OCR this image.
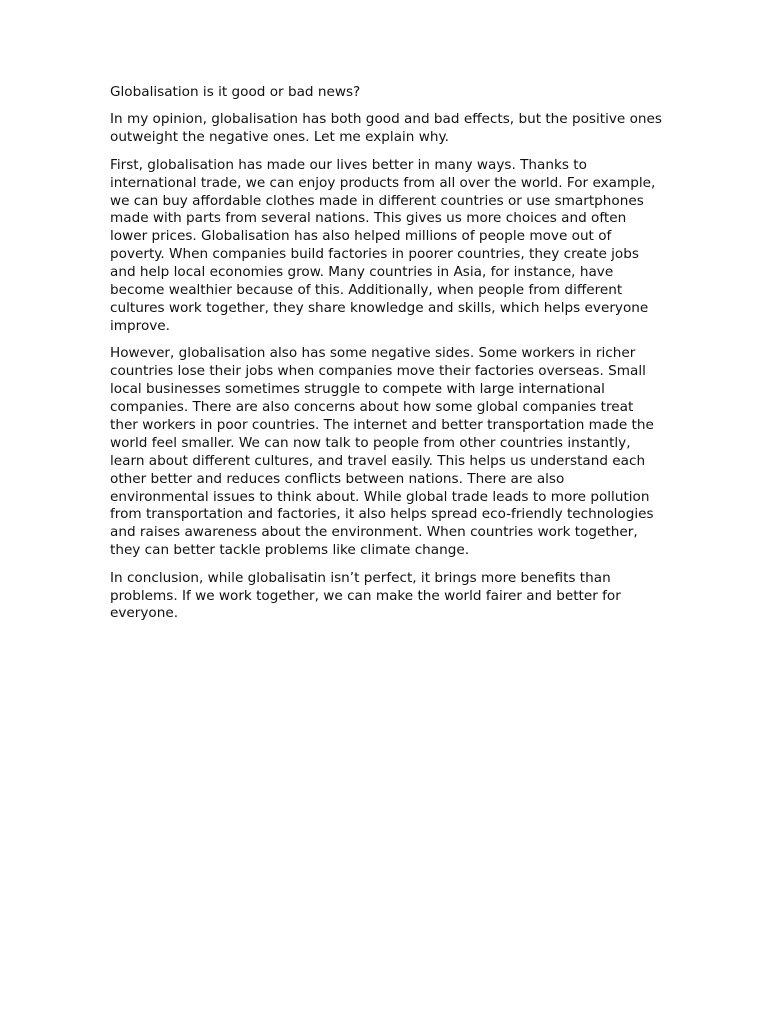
Globalisation is it good or bad news?

In my opinion, globalisation has both good and bad effects, but the positive ones outweight the negative ones. Let me explain why.

First, globalisation has made our lives better in many ways. Thanks to international trade, we can enjoy products from all over the world. For example, we can buy affordable clothes made in different countries or use smartphones made with parts from several nations. This gives us more choices and often lower prices. Globalisation has also helped millions of people move out of poverty. When companies build factories in poorer countries, they create jobs and help local economies grow. Many countries in Asia, for instance, have become wealthier because of this. Additionally, when people from different cultures work together, they share knowledge and skills, which helps everyone improve.

However, globalisation also has some negative sides. Some workers in richer countries lose their jobs when companies move their factories overseas. Small local businesses sometimes struggle to compete with large international companies. There are also concerns about how some global companies treat ther workers in poor countries. The internet and better transportation made the world feel smaller. We can now talk to people from other countries instantly, learn about different cultures, and travel easily. This helps us understand each other better and reduces conflicts between nations. There are also environmental issues to think about. While global trade leads to more pollution from transportation and factories, it also helps spread eco-friendly technologies and raises awareness about the environment. When countries work together, they can better tackle problems like climate change.

In conclusion, while globalisatin isn’t perfect, it brings more benefits than problems. If we work together, we can make the world fairer and better for everyone.
